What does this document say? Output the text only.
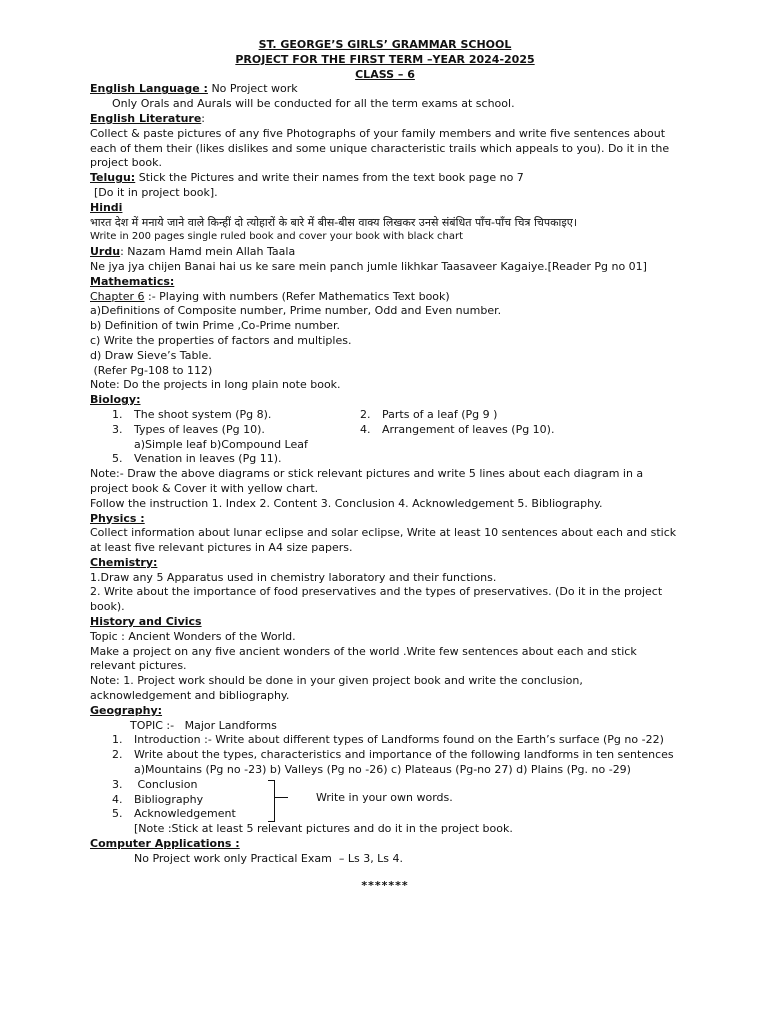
ST. GEORGE’S GIRLS’ GRAMMAR SCHOOL
PROJECT FOR THE FIRST TERM –YEAR 2024-2025
CLASS – 6
English Language : No Project work
Only Orals and Aurals will be conducted for all the term exams at school.
English Literature:
Collect & paste pictures of any five Photographs of your family members and write five sentences about each of them their (likes dislikes and some unique characteristic trails which appeals to you). Do it in the project book.
Telugu: Stick the Pictures and write their names from the text book page no 7
[Do it in project book].
Hindi
भारत देश में मनाये जाने वाले किन्हीं दो त्योहारों के बारे में बीस-बीस वाक्य लिखकर उनसे संबंधित पाँच-पाँच चित्र चिपकाइए।
Write in 200 pages single ruled book and cover your book with black chart
Urdu: Nazam Hamd mein Allah Taala
Ne jya jya chijen Banai hai us ke sare mein panch jumle likhkar Taasaveer Kagaiye.[Reader Pg no 01]
Mathematics:
Chapter 6 :- Playing with numbers (Refer Mathematics Text book)
a)Definitions of Composite number, Prime number, Odd and Even number.
b) Definition of twin Prime ,Co-Prime number.
c) Write the properties of factors and multiples.
d) Draw Sieve’s Table.
(Refer Pg-108 to 112)
Note: Do the projects in long plain note book.
Biology:
1. The shoot system (Pg 8).	2. Parts of a leaf (Pg 9 )
3. Types of leaves (Pg 10).	4. Arrangement of leaves (Pg 10).
a)Simple leaf b)Compound Leaf
5. Venation in leaves (Pg 11).
Note:- Draw the above diagrams or stick relevant pictures and write 5 lines about each diagram in a project book & Cover it with yellow chart.
Follow the instruction 1. Index 2. Content 3. Conclusion 4. Acknowledgement 5. Bibliography.
Physics :
Collect information about lunar eclipse and solar eclipse, Write at least 10 sentences about each and stick at least five relevant pictures in A4 size papers.
Chemistry:
1.Draw any 5 Apparatus used in chemistry laboratory and their functions.
2. Write about the importance of food preservatives and the types of preservatives. (Do it in the project book).
History and Civics
Topic : Ancient Wonders of the World.
Make a project on any five ancient wonders of the world .Write few sentences about each and stick relevant pictures.
Note: 1. Project work should be done in your given project book and write the conclusion, acknowledgement and bibliography.
Geography:
TOPIC :-   Major Landforms
1.	Introduction :- Write about different types of Landforms found on the Earth’s surface (Pg no -22)
2.	Write about the types, characteristics and importance of the following landforms in ten sentences a)Mountains (Pg no -23) b) Valleys (Pg no -26) c) Plateaus (Pg-no 27) d) Plains (Pg. no -29)
3. Conclusion
4. Bibliography
5. Acknowledgement
Write in your own words.
[Note :Stick at least 5 relevant pictures and do it in the project book.
Computer Applications :
No Project work only Practical Exam  – Ls 3, Ls 4.
*******
